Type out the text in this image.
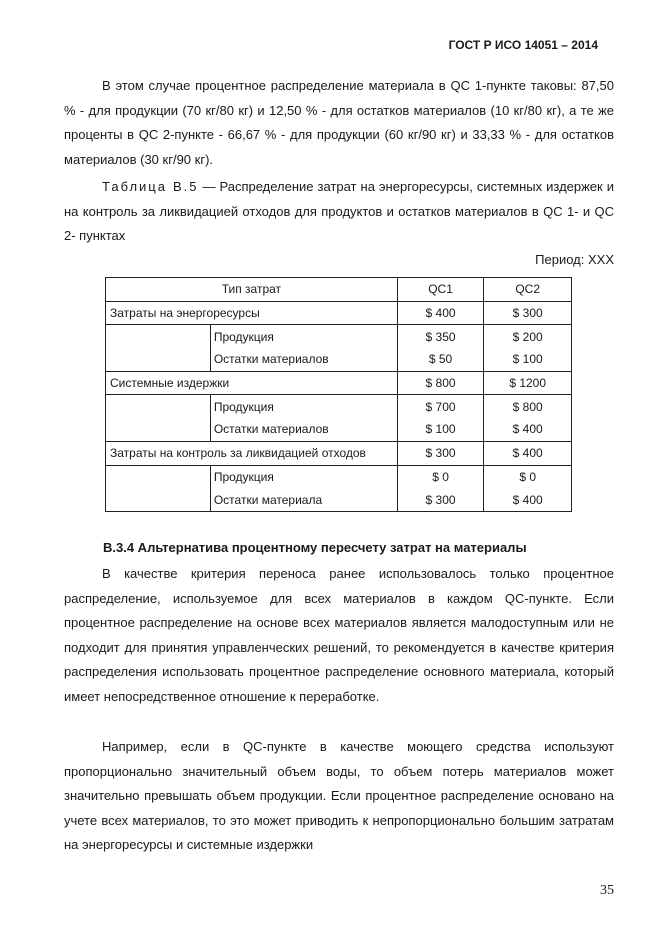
ГОСТ Р ИСО 14051 – 2014

В этом случае процентное распределение материала в QC 1-пункте таковы: 87,50 % - для продукции (70 кг/80 кг) и 12,50 % - для остатков материалов (10 кг/80 кг), а те же проценты в QC 2-пункте - 66,67 % - для продукции (60 кг/90 кг) и 33,33 % - для остатков материалов (30 кг/90 кг).

Таблица В.5 — Распределение затрат на энергоресурсы, системных издержек и на контроль за ликвидацией отходов для продуктов и остатков материалов в QC 1- и QC 2- пунктах

Период: XXX
Тип затрат		QC1	QC2
Затраты на энергоресурсы		$ 400	$ 300
	Продукция	$ 350	$ 200
	Остатки материалов	$ 50	$ 100
Системные издержки		$ 800	$ 1200
	Продукция	$ 700	$ 800
	Остатки материалов	$ 100	$ 400
Затраты на контроль за ликвидацией отходов		$ 300	$ 400
	Продукция	$ 0	$ 0
	Остатки материала	$ 300	$ 400
В.3.4 Альтернатива процентному пересчету затрат на материалы

В качестве критерия переноса ранее использовалось только процентное распределение, используемое для всех материалов в каждом QC-пункте. Если процентное распределение на основе всех материалов является малодоступным или не подходит для принятия управленческих решений, то рекомендуется в качестве критерия распределения использовать процентное распределение основного материала, который имеет непосредственное отношение к переработке.

Например, если в QC-пункте в качестве моющего средства используют пропорционально значительный объем воды, то объем потерь материалов может значительно превышать объем продукции. Если процентное распределение основано на учете всех материалов, то это может приводить к непропорционально большим затратам на энергоресурсы и системные издержки

35
